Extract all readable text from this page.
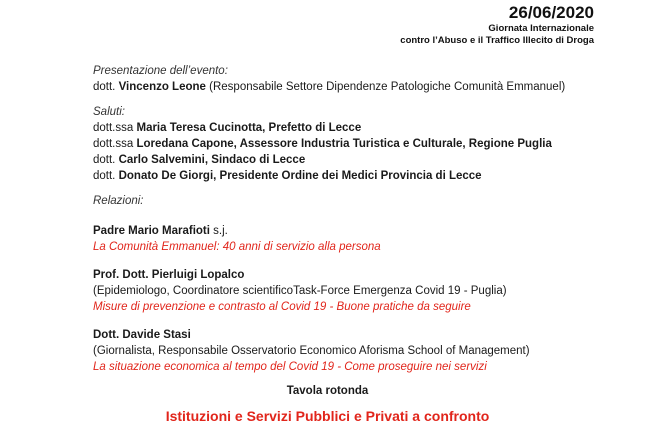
26/06/2020
Giornata Internazionale
contro l’Abuso e il Traffico Illecito di Droga
Presentazione dell’evento:
dott. Vincenzo Leone (Responsabile Settore Dipendenze Patologiche Comunità Emmanuel)
Saluti:
dott.ssa Maria Teresa Cucinotta, Prefetto di Lecce
dott.ssa Loredana Capone, Assessore Industria Turistica e Culturale, Regione Puglia
dott. Carlo Salvemini, Sindaco di Lecce
dott. Donato De Giorgi, Presidente Ordine dei Medici Provincia di Lecce
Relazioni:
Padre Mario Marafioti s.j.
La Comunità Emmanuel: 40 anni di servizio alla persona
Prof. Dott. Pierluigi Lopalco
(Epidemiologo, Coordinatore scientificoTask-Force Emergenza Covid 19 - Puglia)
Misure di prevenzione e contrasto al Covid 19 - Buone pratiche da seguire
Dott. Davide Stasi
(Giornalista, Responsabile Osservatorio Economico Aforisma School of Management)
La situazione economica al tempo del Covid 19 - Come proseguire nei servizi
Tavola rotonda
Istituzioni e Servizi Pubblici e Privati a confronto
